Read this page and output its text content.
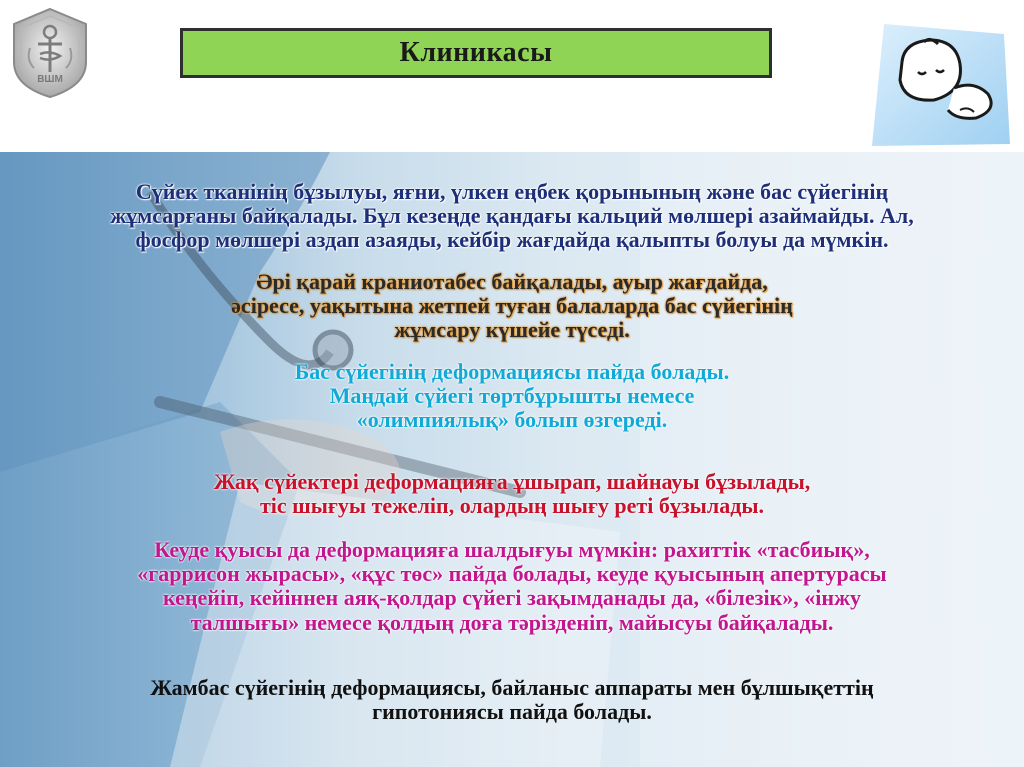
ВШМ
Клиникасы
Сүйек тканінің бұзылуы, яғни, үлкен еңбек қорынының және бас сүйегінің
жұмсарғаны байқалады. Бұл кезеңде қандағы кальций мөлшері азаймайды. Ал,
фосфор мөлшері аздап азаяды, кейбір жағдайда қалыпты болуы да мүмкін.
Әрі қарай краниотабес байқалады, ауыр жағдайда,
әсіресе, уақытына жетпей туған балаларда бас сүйегінің
жұмсару күшейе түседі.
Бас сүйегінің деформациясы пайда болады.
Маңдай сүйегі төртбұрышты немесе
«олимпиялық» болып өзгереді.
Жақ сүйектері деформацияға ұшырап, шайнауы бұзылады,
тіс шығуы тежеліп, олардың шығу реті бұзылады.
Кеуде қуысы да деформацияға шалдығуы мүмкін: рахиттік «тасбиық»,
«гаррисон жырасы», «құс төс» пайда болады, кеуде қуысының апертурасы
кеңейіп, кейіннен аяқ-қолдар сүйегі зақымданады да, «білезік», «інжу
талшығы» немесе қолдың доға тәрізденіп, майысуы байқалады.
Жамбас сүйегінің деформациясы, байланыс аппараты мен бұлшықеттің
гипотониясы пайда болады.
